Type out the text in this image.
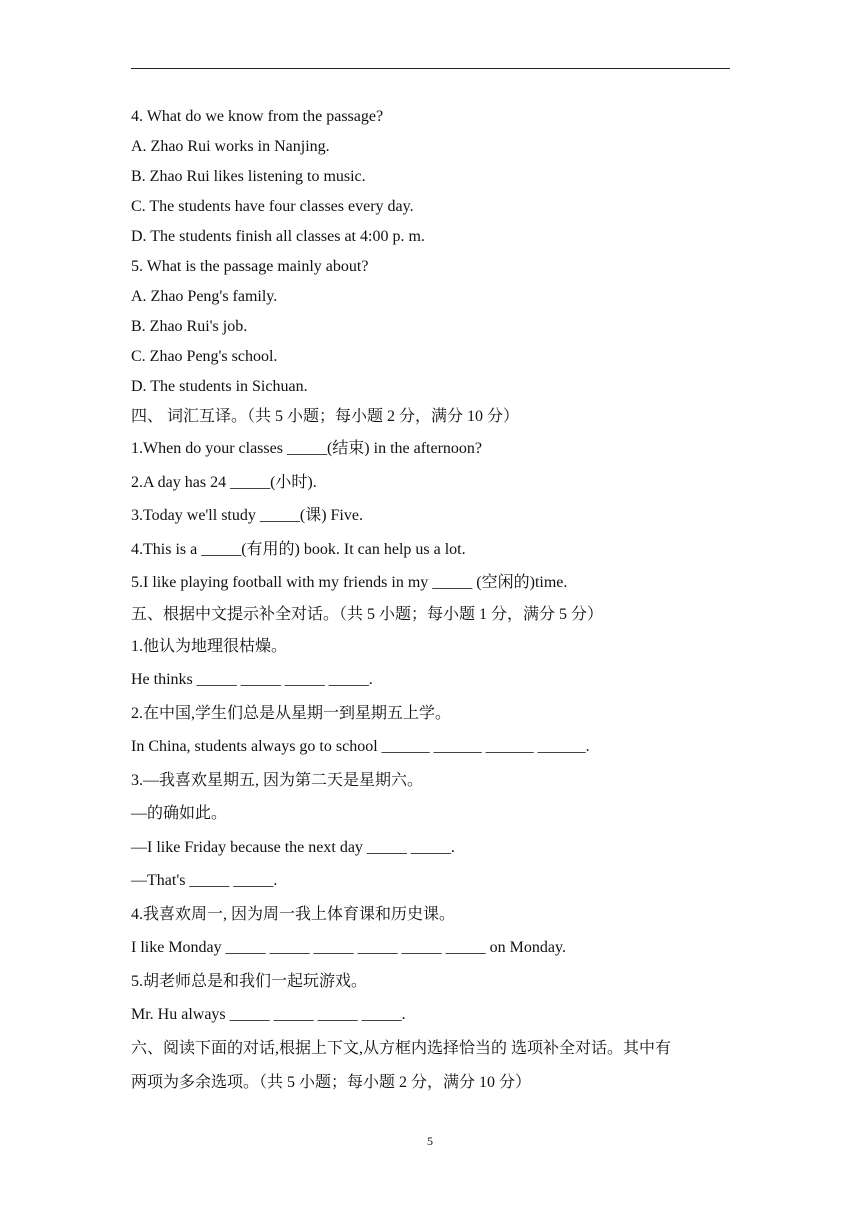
4. What do we know from the passage?
A. Zhao Rui works in Nanjing.
B. Zhao Rui likes listening to music.
C. The students have four classes every day.
D. The students finish all classes at 4:00 p. m.
5. What is the passage mainly about?
A. Zhao Peng's family.
B. Zhao Rui's job.
C. Zhao Peng's school.
D. The students in Sichuan.
四、 词汇互译。（共 5 小题；每小题 2 分，满分 10 分）
1.When do your classes _____(结束) in the afternoon?
2.A day has 24 _____(小时).
3.Today we'll study _____(课) Five.
4.This is a _____(有用的) book. It can help us a lot.
5.I like playing football with my friends in my _____ (空闲的)time.
五、根据中文提示补全对话。（共 5 小题；每小题 1 分，满分 5 分）
1.他认为地理很枯燥。
He thinks _____ _____ _____ _____.
2.在中国,学生们总是从星期一到星期五上学。
In China, students always go to school ______ ______ ______ ______.
3.—我喜欢星期五, 因为第二天是星期六。
—的确如此。
—I like Friday because the next day _____ _____.
—That's _____ _____.
4.我喜欢周一, 因为周一我上体育课和历史课。
I like Monday _____ _____ _____ _____ _____ _____ on Monday.
5.胡老师总是和我们一起玩游戏。
Mr. Hu always _____ _____ _____ _____.
六、阅读下面的对话,根据上下文,从方框内选择恰当的 选项补全对话。其中有
两项为多余选项。（共 5 小题；每小题 2 分，满分 10 分）
5
